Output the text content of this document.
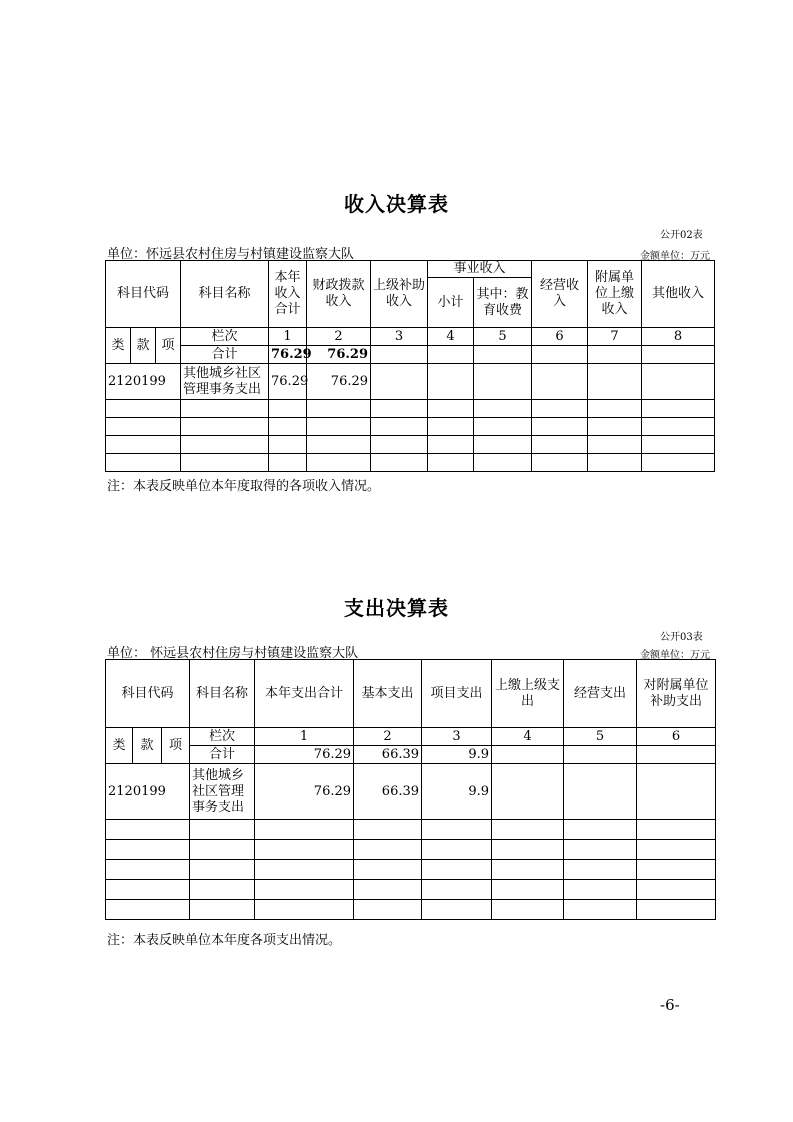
收入决算表
公开02表
单位：怀远县农村住房与村镇建设监察大队	金额单位：万元
科目代码			科目名称	本年收入合计	财政拨款收入	上级补助收入	事业收入		经营收入	附属单位上缴收入	其他收入
							小计	其中：教育收费			
类	款	项	栏次	1	2	3	4	5	6	7	8
			合计	76.29	76.29						
2120199			其他城乡社区管理事务支出	76.29	76.29						

注：本表反映单位本年度取得的各项收入情况。
支出决算表
公开03表
单位： 怀远县农村住房与村镇建设监察大队	金额单位：万元
科目代码			科目名称	本年支出合计	基本支出	项目支出	上缴上级支出	经营支出	对附属单位补助支出
类	款	项	栏次	1	2	3	4	5	6
			合计	76.29	66.39	9.9			
2120199			其他城乡社区管理事务支出	76.29	66.39	9.9			

注：本表反映单位本年度各项支出情况。
-6-
